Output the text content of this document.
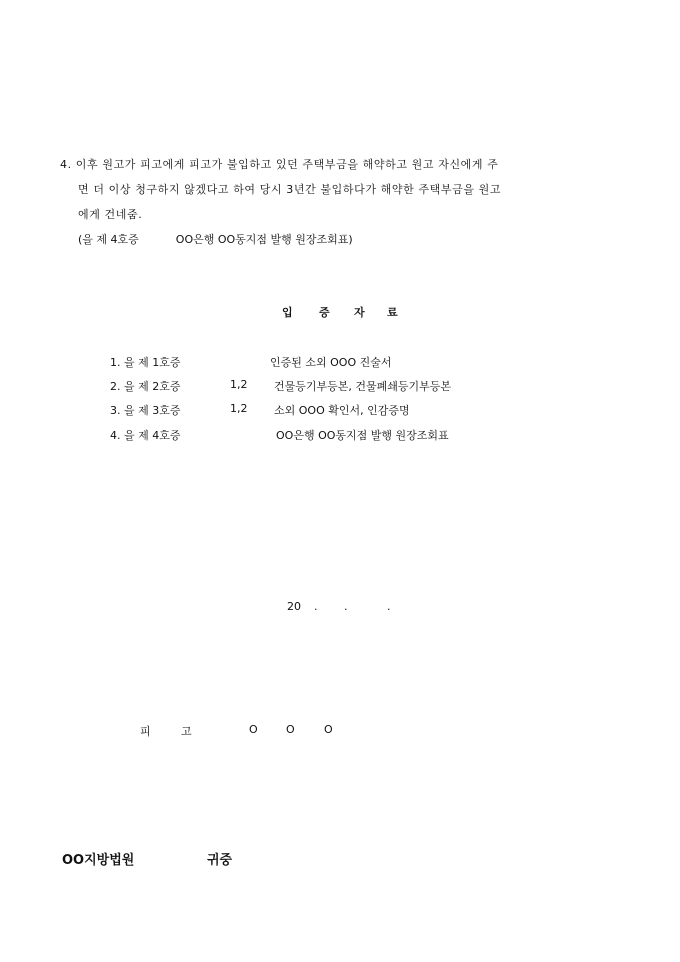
4. 이후 원고가 피고에게 피고가 불입하고 있던 주택부금을 해약하고 원고 자신에게 주
면 더 이상 청구하지 않겠다고 하여 당시 3년간 불입하다가 해약한 주택부금을 원고
에게 건네줌.
(을 제 4호증	OO은행 OO동지점 발행 원장조회표)
입 증 자 료
1. 을 제 1호증	인증된 소외 OOO 진술서
2. 을 제 2호증	1,2 건물등기부등본, 건물폐쇄등기부등본
3. 을 제 3호증	1,2 소외 OOO 확인서, 인감증명
4. 을 제 4호증	OO은행 OO동지점 발행 원장조회표
20 . .	.
피	고	O	O	O
OO지방법원	귀중
